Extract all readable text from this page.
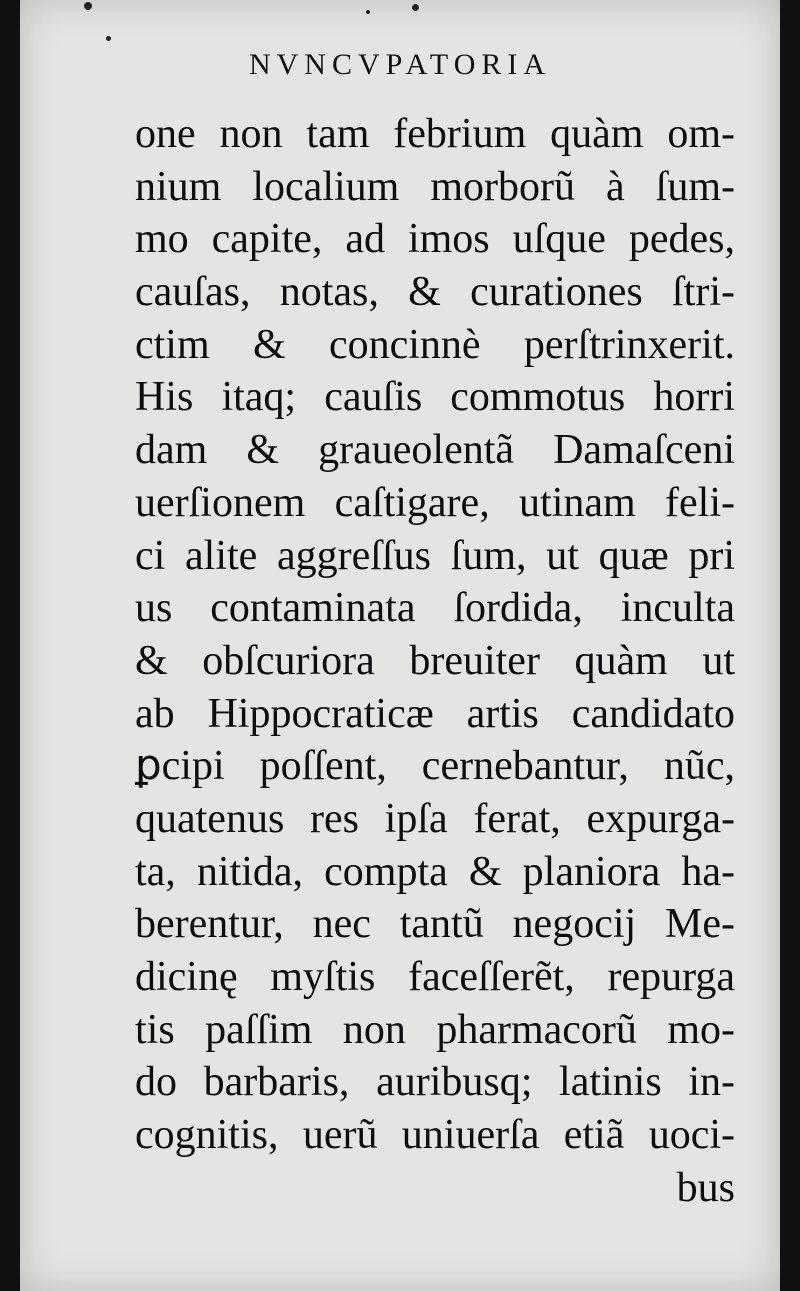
NVNCVPATORIA
one non tam febrium quàm om-
nium localium morborũ à ſum-
mo capite, ad imos uſque pedes,
cauſas, notas, & curationes ſtri-
ctim & concinnè perſtrinxerit.
His itaq; cauſis commotus horri
dam & graueolentã Damaſceni
uerſionem caſtigare, utinam feli-
ci alite aggreſſus ſum, ut quæ pri
us contaminata ſordida, inculta
& obſcuriora breuiter quàm ut
ab Hippocraticæ artis candidato
ꝑcipi poſſent, cernebantur, nũc,
quatenus res ipſa ferat, expurga-
ta, nitida, compta & planiora ha-
berentur, nec tantũ negocij Me-
dicinę myſtis faceſſerẽt, repurga
tis paſſim non pharmacorũ mo-
do barbaris, auribusq; latinis in-
cognitis, uerũ uniuerſa etiã uoci-
bus
